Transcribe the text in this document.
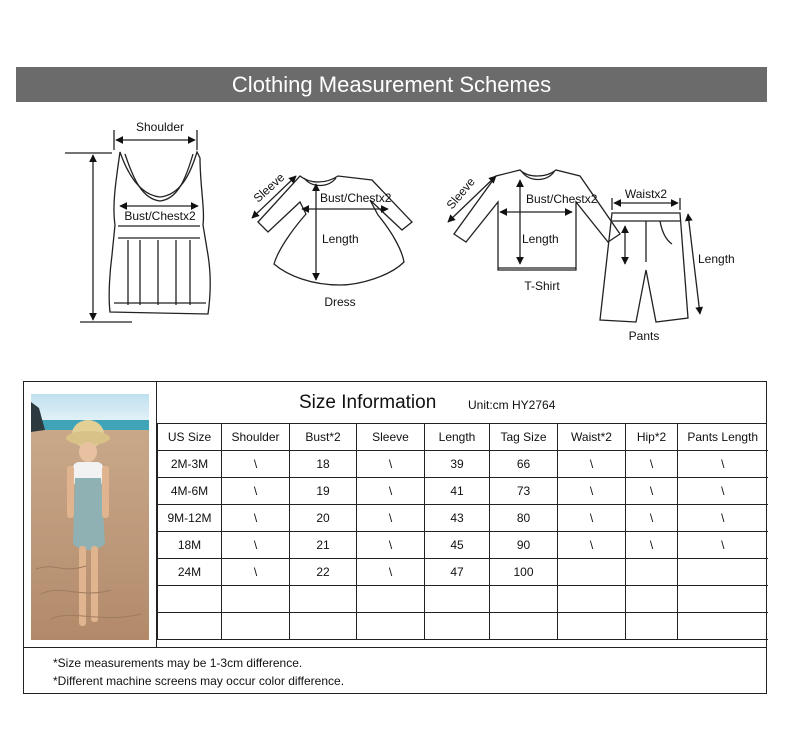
Clothing Measurement Schemes
Shoulder
Bust/Chestx2
Bust/Chestx2
Length
Sleeve
Dress
Bust/Chestx2
Length
Sleeve
T-Shirt
Waistx2
Length
Pants
Size Information	Unit:cm HY2764
US Size	Shoulder	Bust*2	Sleeve	Length	Tag Size	Waist*2	Hip*2	Pants Length
2M-3M	\	18	\	39	66	\	\	\
4M-6M	\	19	\	41	73	\	\	\
9M-12M	\	20	\	43	80	\	\	\
18M	\	21	\	45	90	\	\	\
24M	\	22	\	47	100			

*Size measurements may be 1-3cm difference.
*Different machine screens may occur color difference.
